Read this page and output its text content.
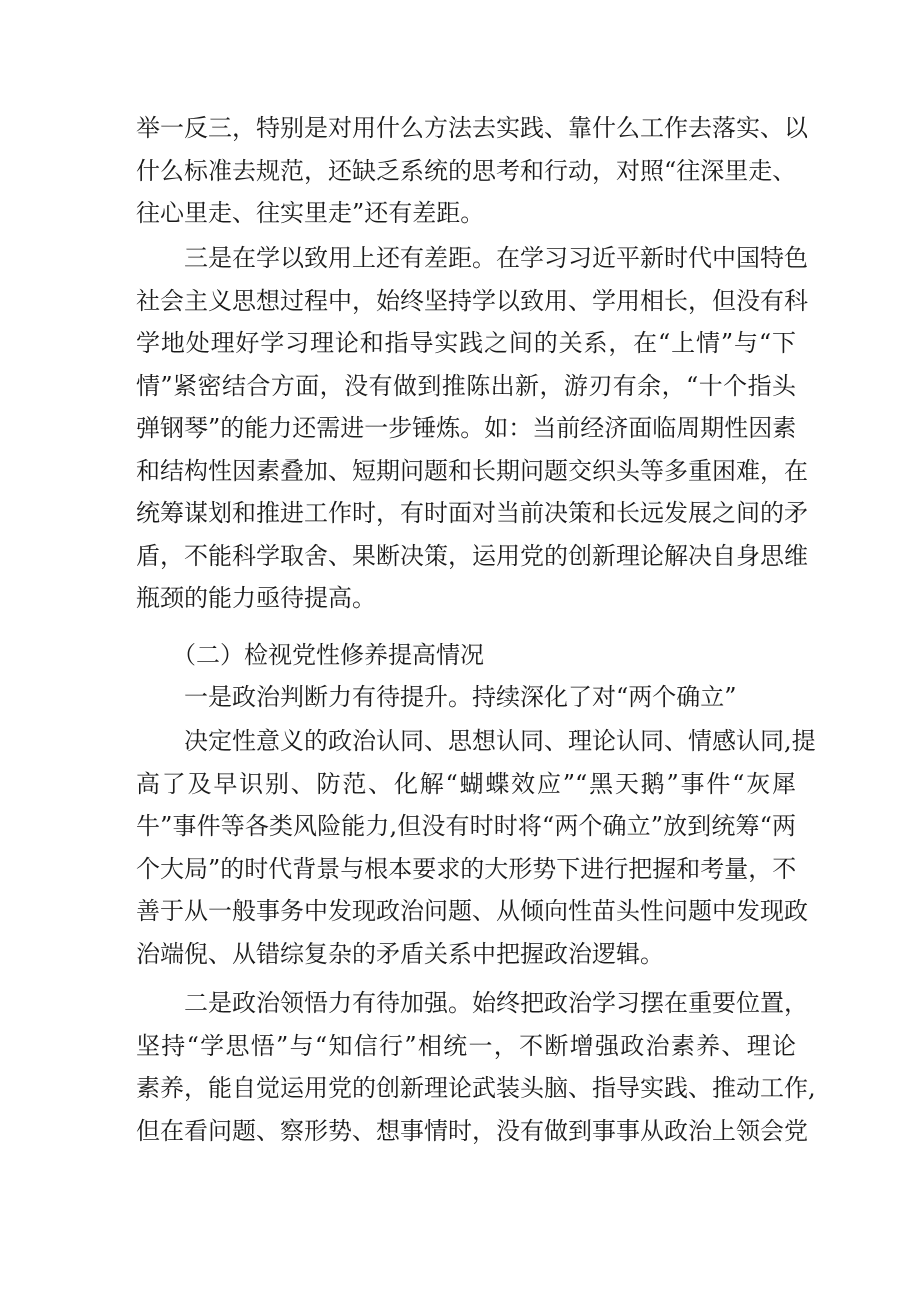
举一反三，特别是对用什么方法去实践、靠什么工作去落实、以
什么标准去规范，还缺乏系统的思考和行动，对照“往深里走、
往心里走、往实里走”还有差距。
三是在学以致用上还有差距。在学习习近平新时代中国特色
社会主义思想过程中，始终坚持学以致用、学用相长，但没有科
学地处理好学习理论和指导实践之间的关系，在“上情”与“下
情”紧密结合方面，没有做到推陈出新，游刃有余，“十个指头
弹钢琴”的能力还需进一步锤炼。如：当前经济面临周期性因素
和结构性因素叠加、短期问题和长期问题交织头等多重困难，在
统筹谋划和推进工作时，有时面对当前决策和长远发展之间的矛
盾，不能科学取舍、果断决策，运用党的创新理论解决自身思维
瓶颈的能力亟待提高。
（二）检视党性修养提高情况
一是政治判断力有待提升。持续深化了对“两个确立”
决定性意义的政治认同、思想认同、理论认同、情感认同,提
高了及早识别、防范、化解“蝴蝶效应”“黑天鹅”事件“灰犀
牛”事件等各类风险能力,但没有时时将“两个确立”放到统筹“两
个大局”的时代背景与根本要求的大形势下进行把握和考量，不
善于从一般事务中发现政治问题、从倾向性苗头性问题中发现政
治端倪、从错综复杂的矛盾关系中把握政治逻辑。
二是政治领悟力有待加强。始终把政治学习摆在重要位置，
坚持“学思悟”与“知信行”相统一，不断增强政治素养、理论
素养，能自觉运用党的创新理论武装头脑、指导实践、推动工作,
但在看问题、察形势、想事情时，没有做到事事从政治上领会党
